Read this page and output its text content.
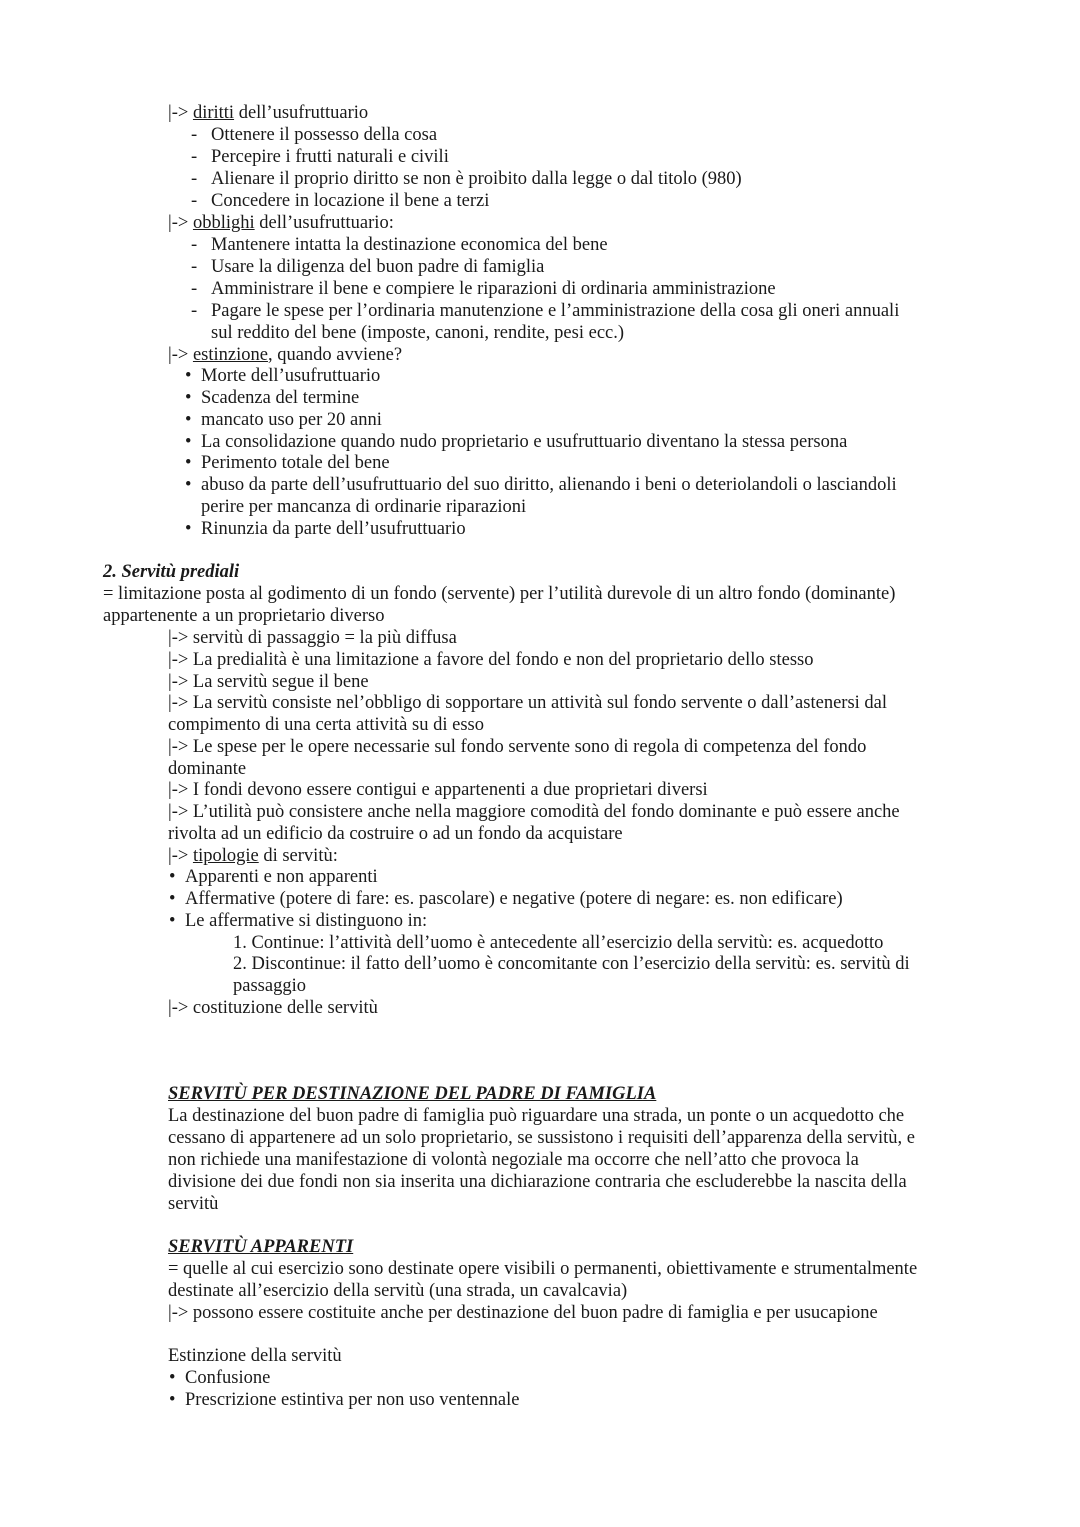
|-> diritti dell’usufruttuario
- Ottenere il possesso della cosa
- Percepire i frutti naturali e civili
- Alienare il proprio diritto se non è proibito dalla legge o dal titolo (980)
- Concedere in locazione il bene a terzi
|-> obblighi dell’usufruttuario:
- Mantenere intatta la destinazione economica del bene
- Usare la diligenza del buon padre di famiglia
- Amministrare il bene e compiere le riparazioni di ordinaria amministrazione
- Pagare le spese per l’ordinaria manutenzione e l’amministrazione della cosa gli oneri annuali
sul reddito del bene (imposte, canoni, rendite, pesi ecc.)
|-> estinzione, quando avviene?
• Morte dell’usufruttuario
• Scadenza del termine
• mancato uso per 20 anni
• La consolidazione quando nudo proprietario e usufruttuario diventano la stessa persona
• Perimento totale del bene
• abuso da parte dell’usufruttuario del suo diritto, alienando i beni o deteriolandoli o lasciandoli
perire per mancanza di ordinarie riparazioni
• Rinunzia da parte dell’usufruttuario
2. Servitù prediali
= limitazione posta al godimento di un fondo (servente) per l’utilità durevole di un altro fondo (dominante)
appartenente a un proprietario diverso
|-> servitù di passaggio = la più diffusa
|-> La predialità è una limitazione a favore del fondo e non del proprietario dello stesso
|-> La servitù segue il bene
|-> La servitù consiste nel’obbligo di sopportare un attività sul fondo servente o dall’astenersi dal
compimento di una certa attività su di esso
|-> Le spese per le opere necessarie sul fondo servente sono di regola di competenza del fondo
dominante
|-> I fondi devono essere contigui e appartenenti a due proprietari diversi
|-> L’utilità può consistere anche nella maggiore comodità del fondo dominante e può essere anche
rivolta ad un edificio da costruire o ad un fondo da acquistare
|-> tipologie di servitù:
• Apparenti e non apparenti
• Affermative (potere di fare: es. pascolare) e negative (potere di negare: es. non edificare)
• Le affermative si distinguono in:
1. Continue: l’attività dell’uomo è antecedente all’esercizio della servitù: es. acquedotto
2. Discontinue: il fatto dell’uomo è concomitante con l’esercizio della servitù: es. servitù di
passaggio
|-> costituzione delle servitù
SERVITÙ PER DESTINAZIONE DEL PADRE DI FAMIGLIA
La destinazione del buon padre di famiglia può riguardare una strada, un ponte o un acquedotto che
cessano di appartenere ad un solo proprietario, se sussistono i requisiti dell’apparenza della servitù, e
non richiede una manifestazione di volontà negoziale ma occorre che nell’atto che provoca la
divisione dei due fondi non sia inserita una dichiarazione contraria che escluderebbe la nascita della
servitù
SERVITÙ APPARENTI
= quelle al cui esercizio sono destinate opere visibili o permanenti, obiettivamente e strumentalmente
destinate all’esercizio della servitù (una strada, un cavalcavia)
|-> possono essere costituite anche per destinazione del buon padre di famiglia e per usucapione
Estinzione della servitù
• Confusione
• Prescrizione estintiva per non uso ventennale
